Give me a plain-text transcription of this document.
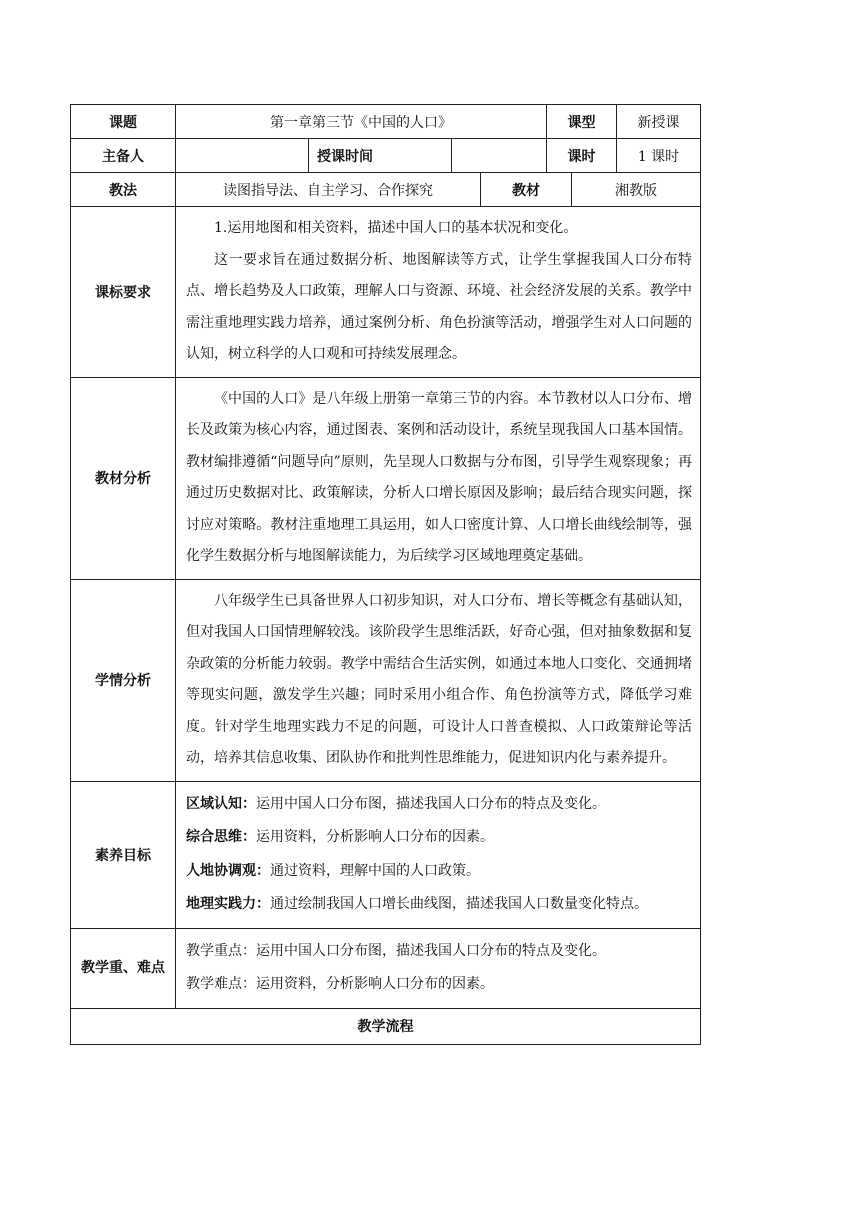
课题	第一章第三节《中国的人口》				课型		新授课
主备人		授课时间			课时		1 课时
教法	读图指导法、自主学习、合作探究			教材		湘教版	
课标要求	1.运用地图和相关资料，描述中国人口的基本状况和变化。

这一要求旨在通过数据分析、地图解读等方式，让学生掌握我国人口分布特点、增长趋势及人口政策，理解人口与资源、环境、社会经济发展的关系。教学中需注重地理实践力培养，通过案例分析、角色扮演等活动，增强学生对人口问题的认知，树立科学的人口观和可持续发展理念。						

教材分析	《中国的人口》是八年级上册第一章第三节的内容。本节教材以人口分布、增长及政策为核心内容，通过图表、案例和活动设计，系统呈现我国人口基本国情。教材编排遵循“问题导向”原则，先呈现人口数据与分布图，引导学生观察现象；再通过历史数据对比、政策解读，分析人口增长原因及影响；最后结合现实问题，探讨应对策略。教材注重地理工具运用，如人口密度计算、人口增长曲线绘制等，强化学生数据分析与地图解读能力，为后续学习区域地理奠定基础。						

学情分析	八年级学生已具备世界人口初步知识，对人口分布、增长等概念有基础认知，但对我国人口国情理解较浅。该阶段学生思维活跃，好奇心强，但对抽象数据和复杂政策的分析能力较弱。教学中需结合生活实例，如通过本地人口变化、交通拥堵等现实问题，激发学生兴趣；同时采用小组合作、角色扮演等方式，降低学习难度。针对学生地理实践力不足的问题，可设计人口普查模拟、人口政策辩论等活动，培养其信息收集、团队协作和批判性思维能力，促进知识内化与素养提升。						

素养目标	区域认知：运用中国人口分布图，描述我国人口分布的特点及变化。

综合思维：运用资料，分析影响人口分布的因素。

人地协调观：通过资料，理解中国的人口政策。

地理实践力：通过绘制我国人口增长曲线图，描述我国人口数量变化特点。						

教学重、难点	教学重点：运用中国人口分布图，描述我国人口分布的特点及变化。

教学难点：运用资料，分析影响人口分布的因素。						

教学流程							
